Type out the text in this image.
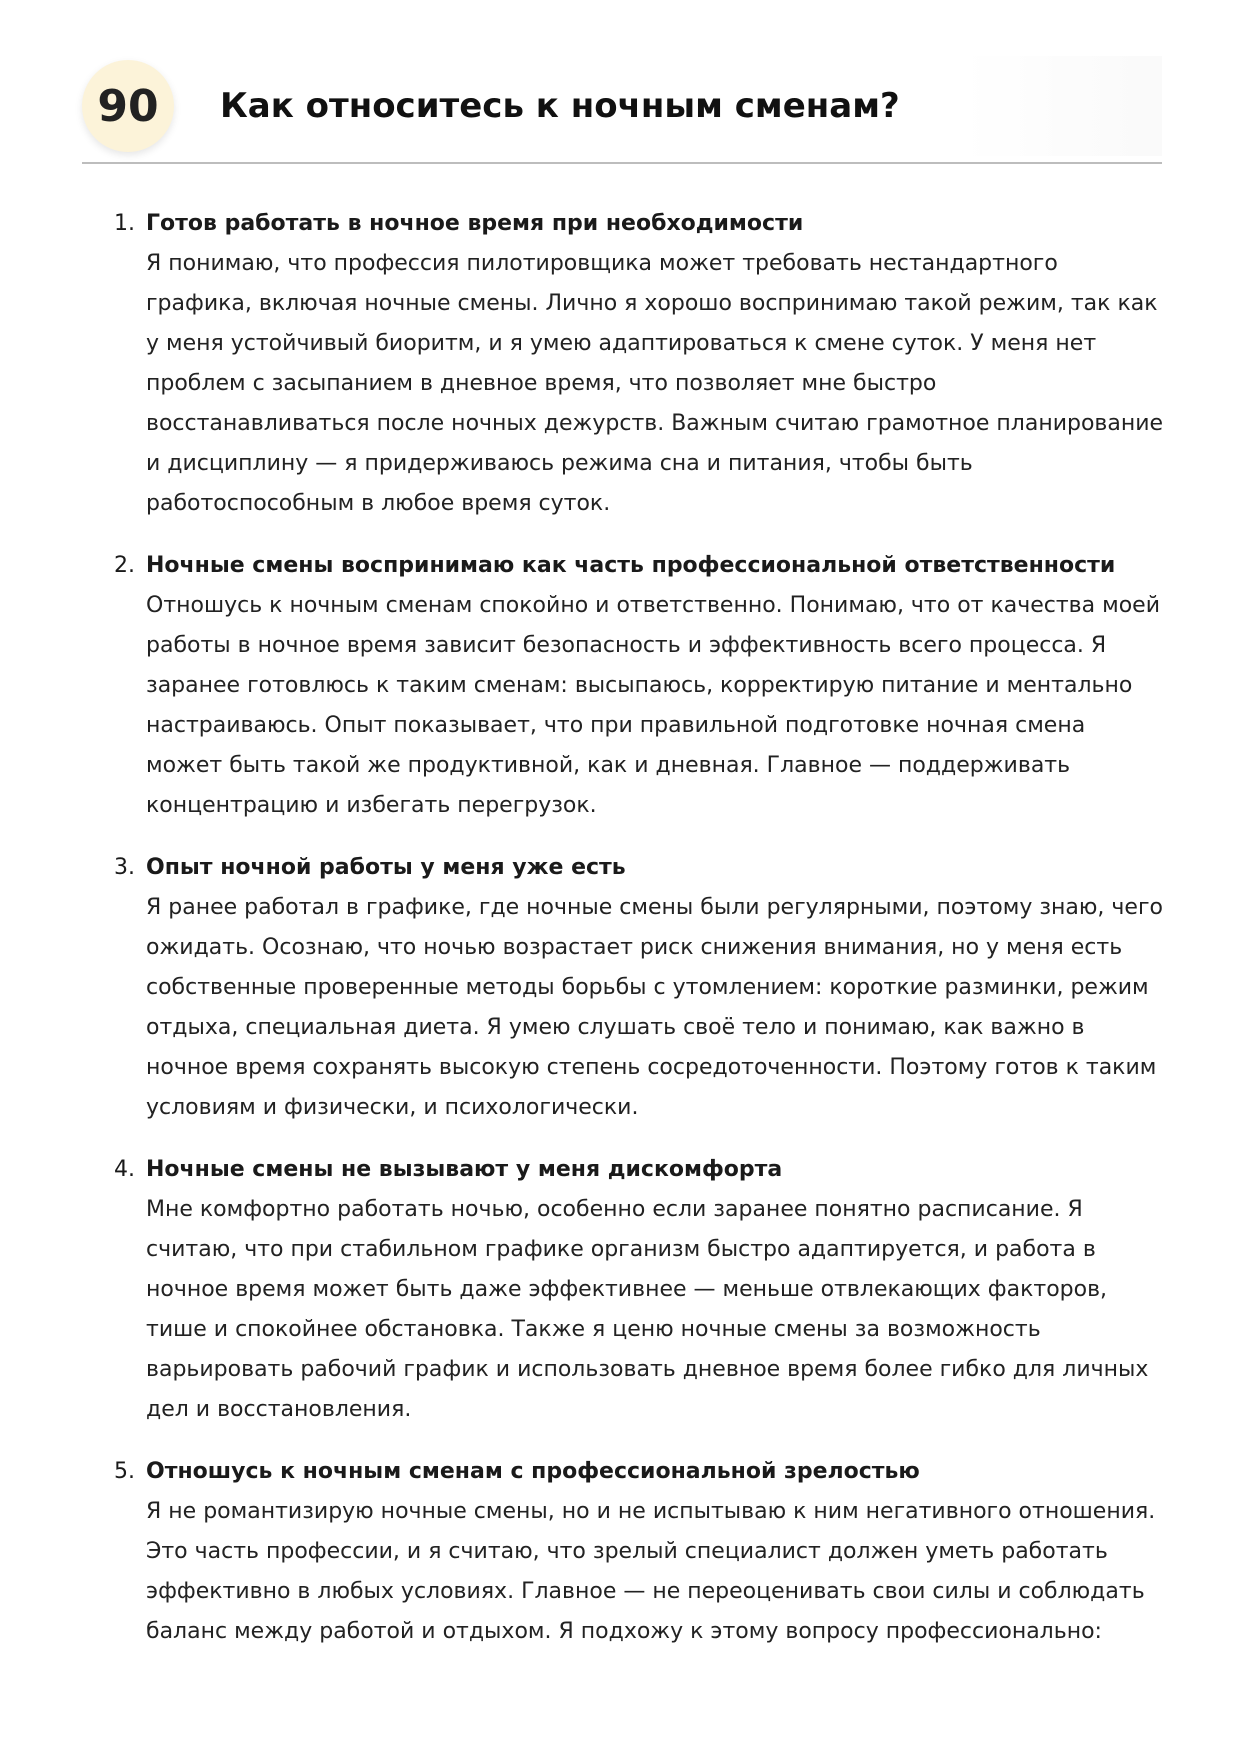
90	Как относитесь к ночным сменам?
1. Готов работать в ночное время при необходимости
Я понимаю, что профессия пилотировщика может требовать нестандартного графика, включая ночные смены. Лично я хорошо воспринимаю такой режим, так как у меня устойчивый биоритм, и я умею адаптироваться к смене суток. У меня нет проблем с засыпанием в дневное время, что позволяет мне быстро восстанавливаться после ночных дежурств. Важным считаю грамотное планирование и дисциплину — я придерживаюсь режима сна и питания, чтобы быть работоспособным в любое время суток.
2. Ночные смены воспринимаю как часть профессиональной ответственности
Отношусь к ночным сменам спокойно и ответственно. Понимаю, что от качества моей работы в ночное время зависит безопасность и эффективность всего процесса. Я заранее готовлюсь к таким сменам: высыпаюсь, корректирую питание и ментально настраиваюсь. Опыт показывает, что при правильной подготовке ночная смена может быть такой же продуктивной, как и дневная. Главное — поддерживать концентрацию и избегать перегрузок.
3. Опыт ночной работы у меня уже есть
Я ранее работал в графике, где ночные смены были регулярными, поэтому знаю, чего ожидать. Осознаю, что ночью возрастает риск снижения внимания, но у меня есть собственные проверенные методы борьбы с утомлением: короткие разминки, режим отдыха, специальная диета. Я умею слушать своё тело и понимаю, как важно в ночное время сохранять высокую степень сосредоточенности. Поэтому готов к таким условиям и физически, и психологически.
4. Ночные смены не вызывают у меня дискомфорта
Мне комфортно работать ночью, особенно если заранее понятно расписание. Я считаю, что при стабильном графике организм быстро адаптируется, и работа в ночное время может быть даже эффективнее — меньше отвлекающих факторов, тише и спокойнее обстановка. Также я ценю ночные смены за возможность варьировать рабочий график и использовать дневное время более гибко для личных дел и восстановления.
5. Отношусь к ночным сменам с профессиональной зрелостью
Я не романтизирую ночные смены, но и не испытываю к ним негативного отношения. Это часть профессии, и я считаю, что зрелый специалист должен уметь работать эффективно в любых условиях. Главное — не переоценивать свои силы и соблюдать баланс между работой и отдыхом. Я подхожу к этому вопросу профессионально:
